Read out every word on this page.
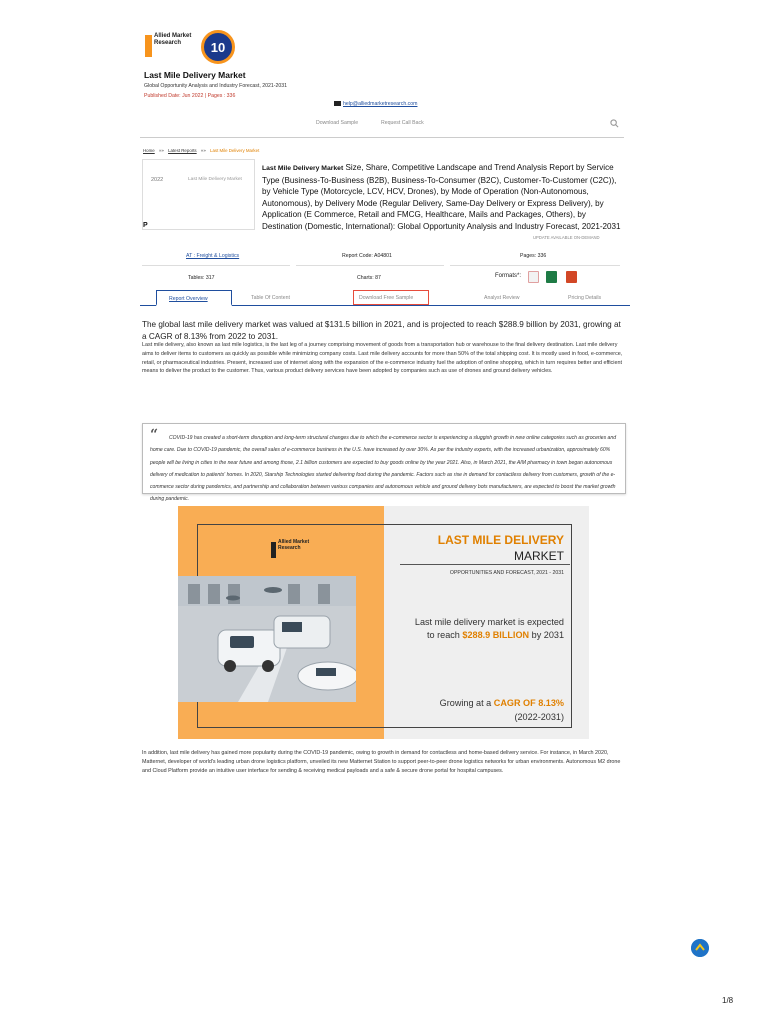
Allied Market Research	10
Last Mile Delivery Market
Global Opportunity Analysis and Industry Forecast, 2021-2031
Published Date: Jun 2022 | Pages : 336
help@alliedmarketresearch.com
Download Sample	Request Call Back
Home »» Latest Reports »» Last Mile Delivery Market
2022	Last Mile Delivery Market
P
Last Mile Delivery Market Size, Share, Competitive Landscape and Trend Analysis Report by Service Type (Business-To-Business (B2B), Business-To-Consumer (B2C), Customer-To-Customer (C2C)), by Vehicle Type (Motorcycle, LCV, HCV, Drones), by Mode of Operation (Non-Autonomous, Autonomous), by Delivery Mode (Regular Delivery, Same-Day Delivery or Express Delivery), by Application (E Commerce, Retail and FMCG, Healthcare, Mails and Packages, Others), by Destination (Domestic, International): Global Opportunity Analysis and Industry Forecast, 2021-2031
UPDATE AVAILABLE ON-DEMAND
AT : Freight & Logistics	Report Code: A04801	Pages: 336
Tables: 317	Charts: 87	Formats*:
Report Overview	Table Of Content	Download Free Sample	Analyst Review	Pricing Details

The global last mile delivery market was valued at $131.5 billion in 2021, and is projected to reach $288.9 billion by 2031, growing at a CAGR of 8.13% from 2022 to 2031.

Last mile delivery, also known as last mile logistics, is the last leg of a journey comprising movement of goods from a transportation hub or warehouse to the final delivery destination. Last mile delivery aims to deliver items to customers as quickly as possible while minimizing company costs. Last mile delivery accounts for more than 50% of the total shipping cost. It is mostly used in food, e-commerce, retail, or pharmaceutical industries. Present, increased use of internet along with the expansion of the e-commerce industry fuel the adoption of online shopping, which in turn requires better and efficient means to deliver the product to the customer. Thus, various product delivery services have been adopted by companies such as use of drones and ground delivery vehicles.

“	COVID-19 has created a short-term disruption and long-term structural changes due to which the e-commerce sector is experiencing a sluggish growth in new online categories such as groceries and home care. Due to COVID-19 pandemic, the overall sales of e-commerce business in the U.S. have increased by over 30%. As per the industry experts, with the increased urbanization, approximately 60% people will be living in cities in the near future and among those, 2.1 billion customers are expected to buy goods online by the year 2021. Also, in March 2021, the AIM pharmacy in town began autonomous delivery of medication to patients' homes. In 2020, Starship Technologies started delivering food during the pandemic. Factors such as rise in demand for contactless delivery from customers, growth of the e-commerce sector during pandemics, and partnership and collaboration between various companies and autonomous vehicle and ground delivery bots manufacturers, are expected to boost the market growth during pandemic.

Allied Market Research
LAST MILE DELIVERY
MARKET
OPPORTUNITIES AND FORECAST, 2021 - 2031
Last mile delivery market is expected
to reach $288.9 BILLION by 2031
Growing at a CAGR OF 8.13%
(2022-2031)

In addition, last mile delivery has gained more popularity during the COVID-19 pandemic, owing to growth in demand for contactless and home-based delivery service. For instance, in March 2020, Matternet, developer of world's leading urban drone logistics platform, unveiled its new Matternet Station to support peer-to-peer drone logistics networks for urban environments. Autonomous M2 drone and Cloud Platform provide an intuitive user interface for sending & receiving medical payloads and a safe & secure drone portal for hospital campuses.

1/8
